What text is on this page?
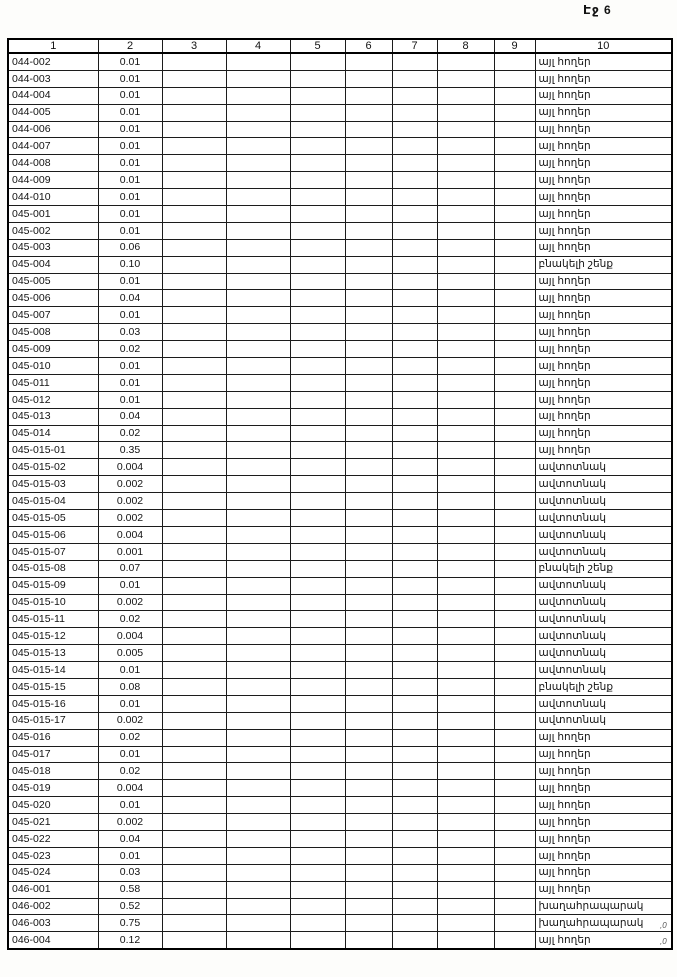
Էջ 6
1	2	3	4	5	6	7	8	9	10
044-002	0.01								այլ հողեր
044-003	0.01								այլ հողեր
044-004	0.01								այլ հողեր
044-005	0.01								այլ հողեր
044-006	0.01								այլ հողեր
044-007	0.01								այլ հողեր
044-008	0.01								այլ հողեր
044-009	0.01								այլ հողեր
044-010	0.01								այլ հողեր
045-001	0.01								այլ հողեր
045-002	0.01								այլ հողեր
045-003	0.06								այլ հողեր
045-004	0.10								բնակելի շենք
045-005	0.01								այլ հողեր
045-006	0.04								այլ հողեր
045-007	0.01								այլ հողեր
045-008	0.03								այլ հողեր
045-009	0.02								այլ հողեր
045-010	0.01								այլ հողեր
045-011	0.01								այլ հողեր
045-012	0.01								այլ հողեր
045-013	0.04								այլ հողեր
045-014	0.02								այլ հողեր
045-015-01	0.35								այլ հողեր
045-015-02	0.004								ավտոտնակ
045-015-03	0.002								ավտոտնակ
045-015-04	0.002								ավտոտնակ
045-015-05	0.002								ավտոտնակ
045-015-06	0.004								ավտոտնակ
045-015-07	0.001								ավտոտնակ
045-015-08	0.07								բնակելի շենք
045-015-09	0.01								ավտոտնակ
045-015-10	0.002								ավտոտնակ
045-015-11	0.02								ավտոտնակ
045-015-12	0.004								ավտոտնակ
045-015-13	0.005								ավտոտնակ
045-015-14	0.01								ավտոտնակ
045-015-15	0.08								բնակելի շենք
045-015-16	0.01								ավտոտնակ
045-015-17	0.002								ավտոտնակ
045-016	0.02								այլ հողեր
045-017	0.01								այլ հողեր
045-018	0.02								այլ հողեր
045-019	0.004								այլ հողեր
045-020	0.01								այլ հողեր
045-021	0.002								այլ հողեր
045-022	0.04								այլ հողեր
045-023	0.01								այլ հողեր
045-024	0.03								այլ հողեր
046-001	0.58								այլ հողեր
046-002	0.52								խաղահրապարակ
046-003	0.75								խաղահրապարակ
046-004	0.12								այլ հողեր
,0
,0
